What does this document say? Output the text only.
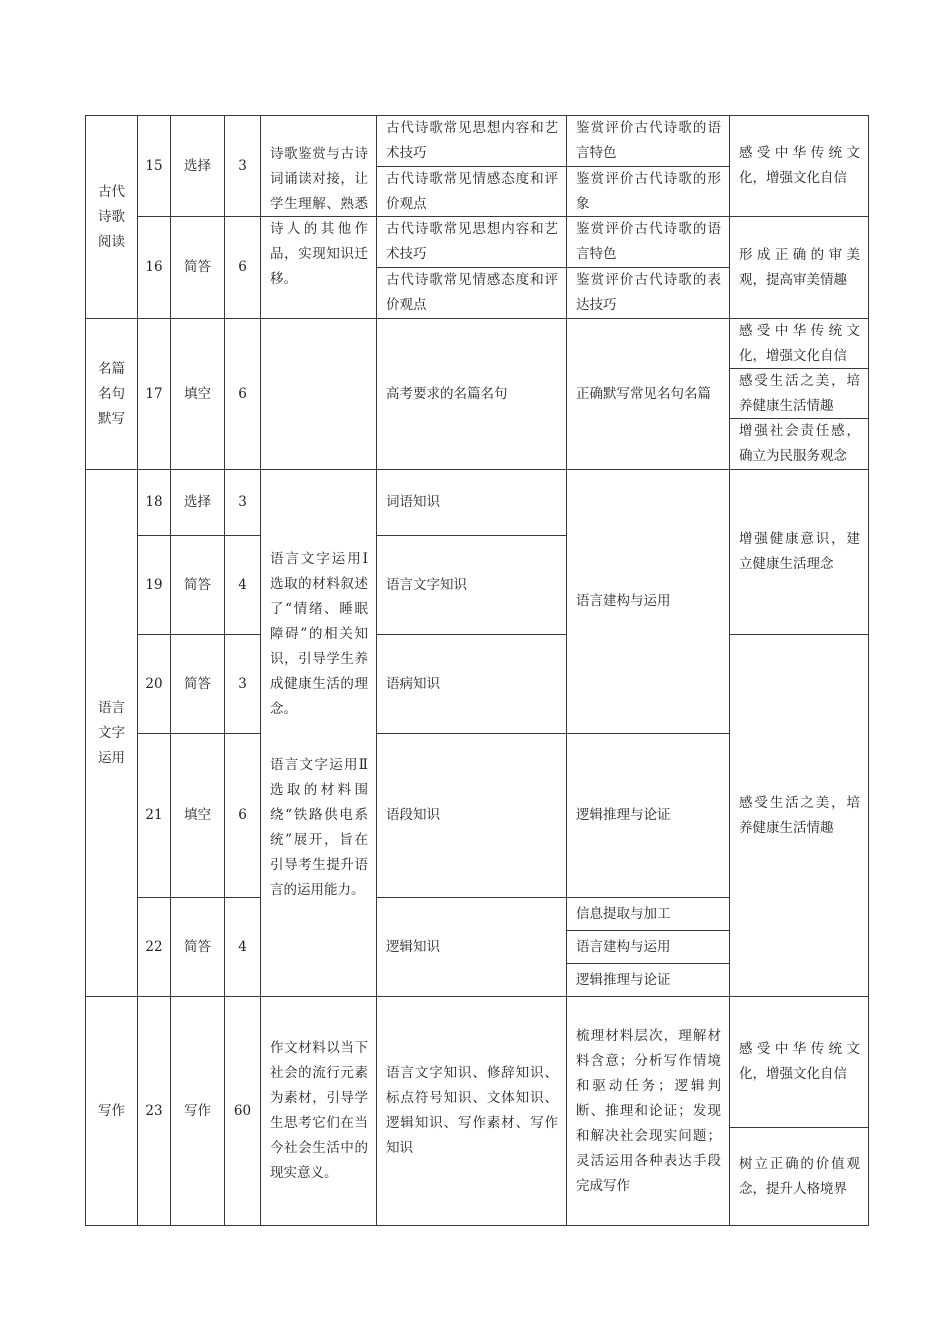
古代诗歌阅读
名篇名句默写
语言文字运用
写作
15 选择 3
16 简答 6
17 填空 6
18 选择 3
19 简答 4
20 简答 3
21 填空 6
22 简答 4
23 写作 60
诗歌鉴赏与古诗词诵读对接，让学生理解、熟悉诗人的其他作品，实现知识迁移。
语言文字运用Ⅰ选取的材料叙述了“情绪、睡眠障碍”的相关知识，引导学生养成健康生活的理念。
语言文字运用Ⅱ选取的材料围绕“铁路供电系统”展开，旨在引导考生提升语言的运用能力。
作文材料以当下社会的流行元素为素材，引导学生思考它们在当今社会生活中的现实意义。
古代诗歌常见思想内容和艺术技巧
古代诗歌常见情感态度和评价观点
古代诗歌常见思想内容和艺术技巧
古代诗歌常见情感态度和评价观点
高考要求的名篇名句
词语知识
语言文字知识
语病知识
语段知识
逻辑知识
语言文字知识、修辞知识、标点符号知识、文体知识、逻辑知识、写作素材、写作知识
鉴赏评价古代诗歌的语言特色
鉴赏评价古代诗歌的形象
鉴赏评价古代诗歌的语言特色
鉴赏评价古代诗歌的表达技巧
正确默写常见名句名篇
语言建构与运用
逻辑推理与论证
信息提取与加工
语言建构与运用
逻辑推理与论证
梳理材料层次，理解材料含意；分析写作情境和驱动任务；逻辑判断、推理和论证；发现和解决社会现实问题；灵活运用各种表达手段完成写作
感受中华传统文化，增强文化自信
形成正确的审美观，提高审美情趣
感受中华传统文化，增强文化自信
感受生活之美，培养健康生活情趣
增强社会责任感，确立为民服务观念
增强健康意识，建立健康生活理念
感受生活之美，培养健康生活情趣
感受中华传统文化，增强文化自信
树立正确的价值观念，提升人格境界
